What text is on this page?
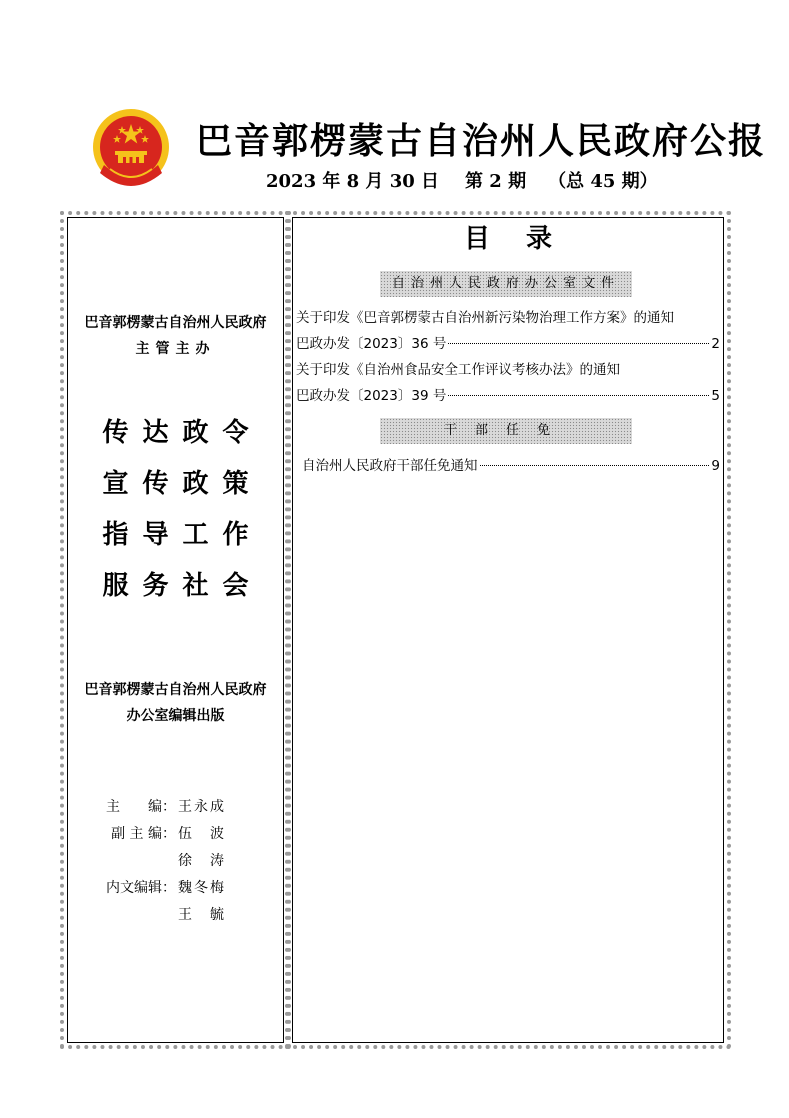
巴音郭楞蒙古自治州人民政府公报
2023 年 8 月 30 日 第 2 期 （总 45 期）
巴音郭楞蒙古自治州人民政府
主管主办
传达政令
宣传政策
指导工作
服务社会
巴音郭楞蒙古自治州人民政府
办公室编辑出版
主　　编： 王永成
副 主 编： 伍　波
徐　涛
内文编辑： 魏冬梅
王　毓
目录
自治州人民政府办公室文件
关于印发《巴音郭楞蒙古自治州新污染物治理工作方案》的通知
巴政办发〔2023〕36 号	2
关于印发《自治州食品安全工作评议考核办法》的通知
巴政办发〔2023〕39 号	5
干部任免
自治州人民政府干部任免通知	9
